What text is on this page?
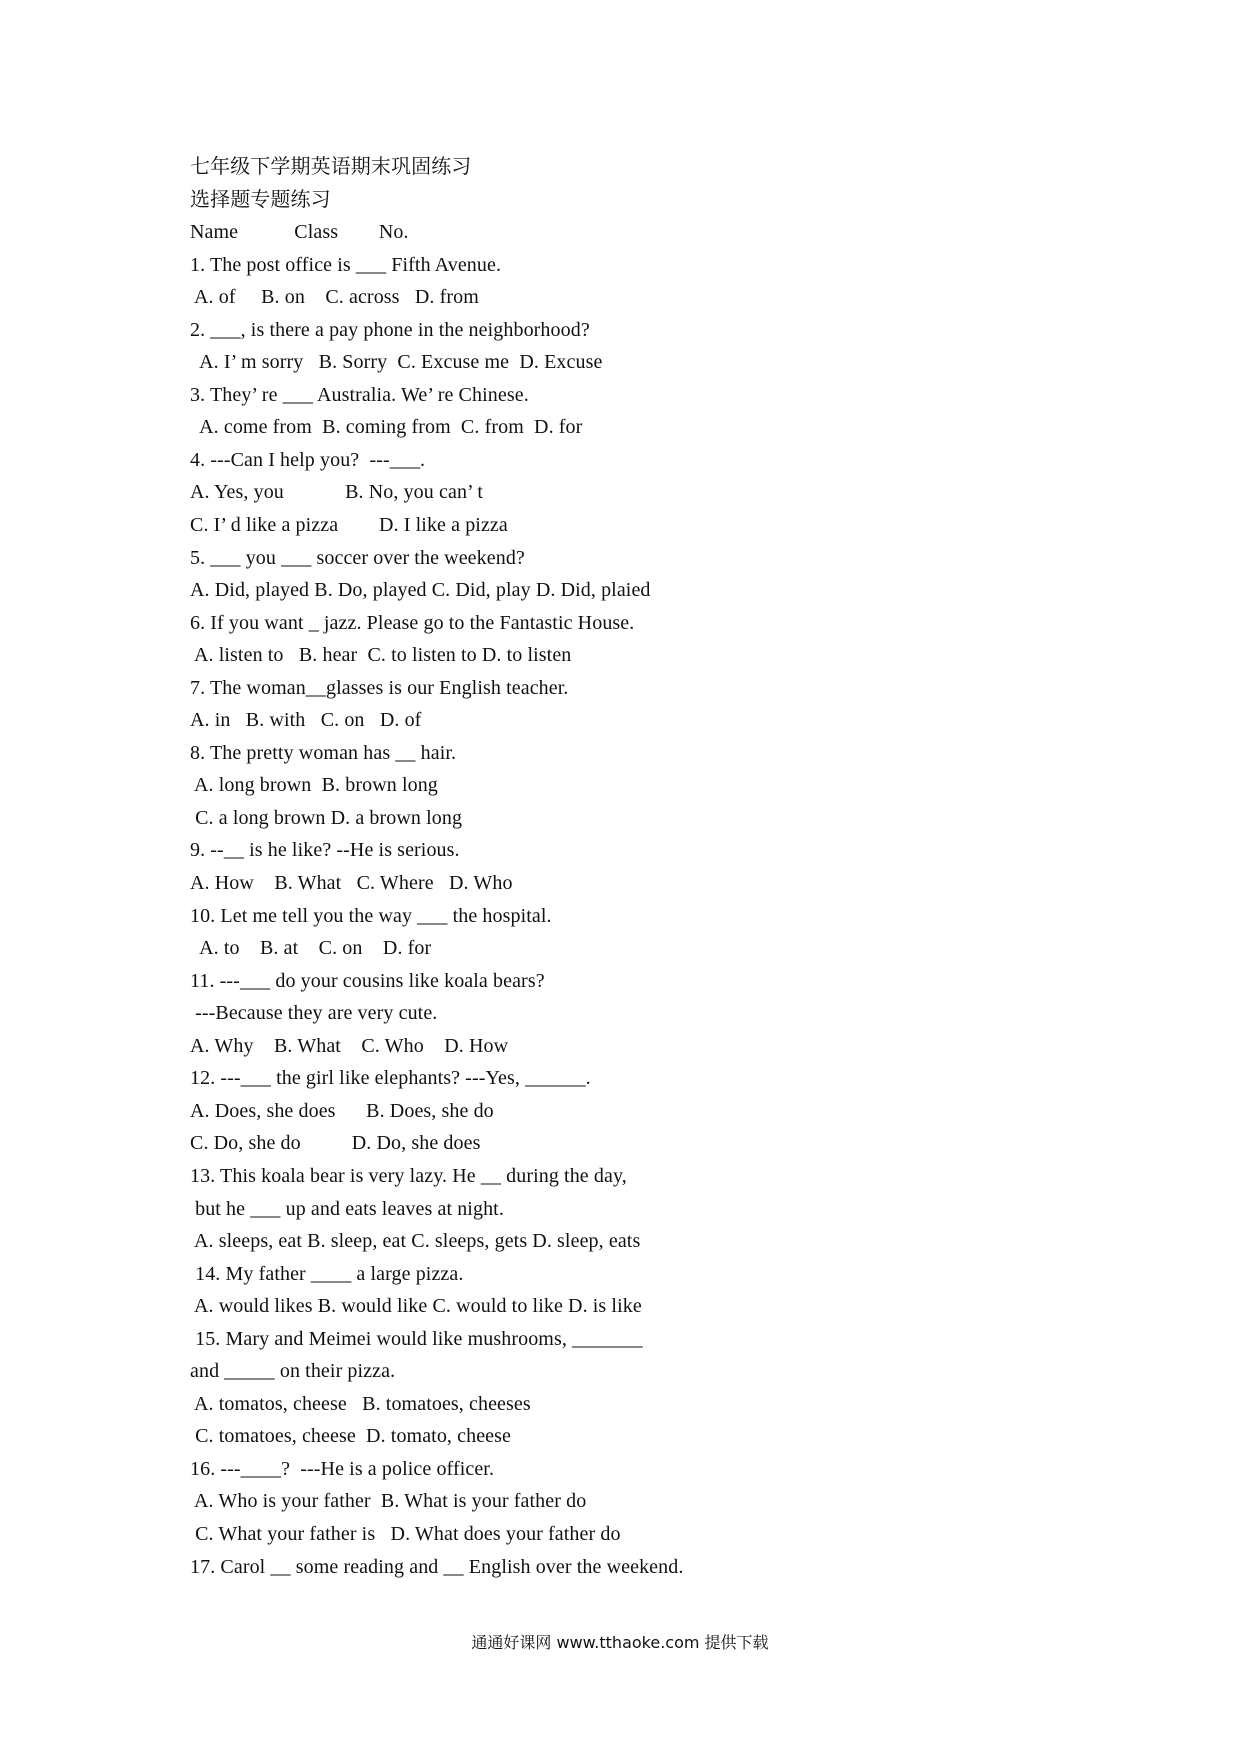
七年级下学期英语期末巩固练习
选择题专题练习
Name           Class        No.
1. The post office is ___ Fifth Avenue.
A. of     B. on    C. across   D. from
2. ___, is there a pay phone in the neighborhood?
A. I’ m sorry   B. Sorry  C. Excuse me  D. Excuse
3. They’ re ___ Australia. We’ re Chinese.
A. come from  B. coming from  C. from  D. for
4. ---Can I help you?  ---___.
A. Yes, you            B. No, you can’ t
C. I’ d like a pizza        D. I like a pizza
5. ___ you ___ soccer over the weekend?
A. Did, played B. Do, played C. Did, play D. Did, plaied
6. If you want _ jazz. Please go to the Fantastic House.
A. listen to   B. hear  C. to listen to D. to listen
7. The woman__glasses is our English teacher.
A. in   B. with   C. on   D. of
8. The pretty woman has __ hair.
A. long brown  B. brown long
C. a long brown D. a brown long
9. --__ is he like? --He is serious.
A. How    B. What   C. Where   D. Who
10. Let me tell you the way ___ the hospital.
A. to    B. at    C. on    D. for
11. ---___ do your cousins like koala bears?
---Because they are very cute.
A. Why    B. What    C. Who    D. How
12. ---___ the girl like elephants? ---Yes, ______.
A. Does, she does      B. Does, she do
C. Do, she do          D. Do, she does
13. This koala bear is very lazy. He __ during the day,
but he ___ up and eats leaves at night.
A. sleeps, eat B. sleep, eat C. sleeps, gets D. sleep, eats
14. My father ____ a large pizza.
A. would likes B. would like C. would to like D. is like
15. Mary and Meimei would like mushrooms, _______
and _____ on their pizza.
A. tomatos, cheese   B. tomatoes, cheeses
C. tomatoes, cheese  D. tomato, cheese
16. ---____?  ---He is a police officer.
A. Who is your father  B. What is your father do
C. What your father is   D. What does your father do
17. Carol __ some reading and __ English over the weekend.
通通好课网 www.tthaoke.com 提供下载
